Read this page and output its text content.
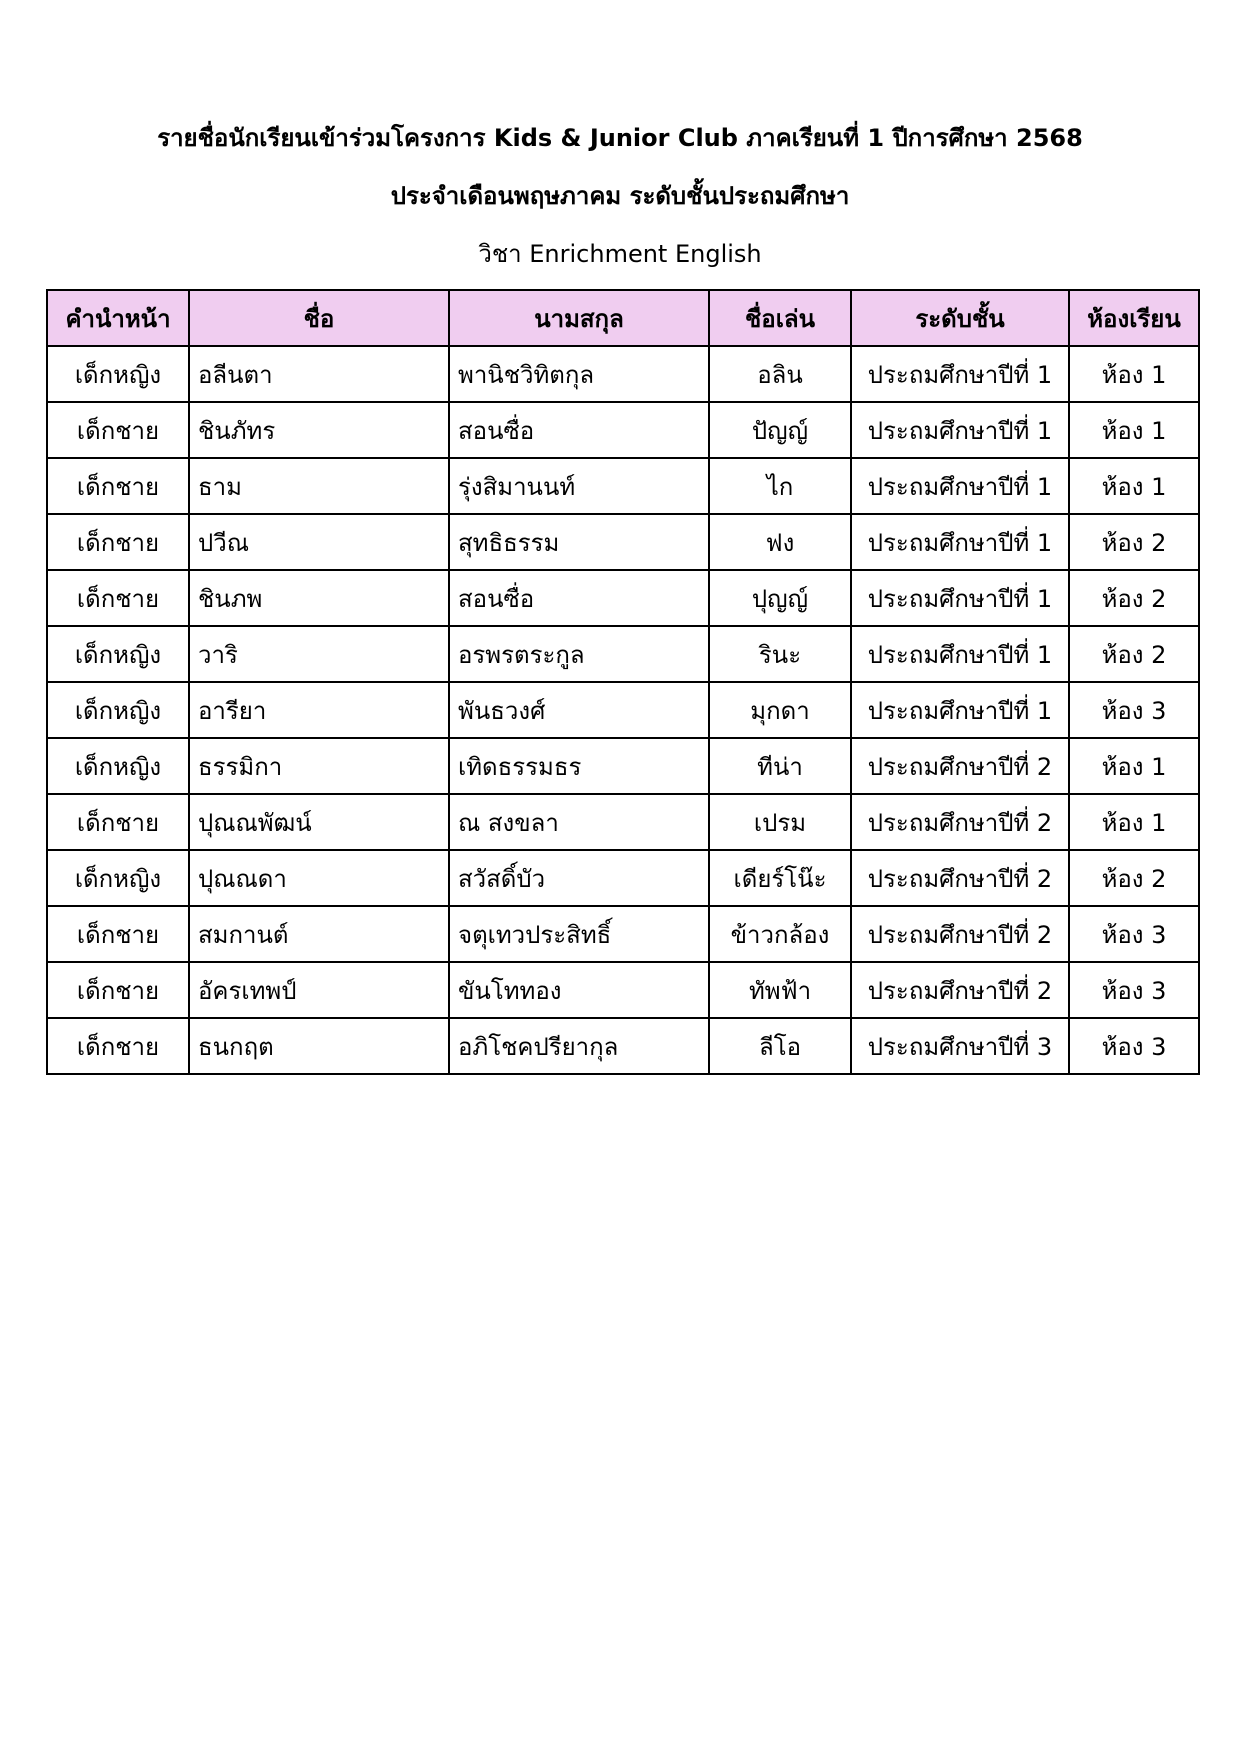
รายชื่อนักเรียนเข้าร่วมโครงการ Kids & Junior Club ภาคเรียนที่ 1 ปีการศึกษา 2568
ประจำเดือนพฤษภาคม ระดับชั้นประถมศึกษา
วิชา Enrichment English
คำนำหน้า	ชื่อ	นามสกุล	ชื่อเล่น	ระดับชั้น	ห้องเรียน
เด็กหญิง	อลีนตา	พานิชวิทิตกุล	อลิน	ประถมศึกษาปีที่ 1	ห้อง 1
เด็กชาย	ชินภัทร	สอนซื่อ	ปัญญ์	ประถมศึกษาปีที่ 1	ห้อง 1
เด็กชาย	ธาม	รุ่งสิมานนท์	ไก	ประถมศึกษาปีที่ 1	ห้อง 1
เด็กชาย	ปวีณ	สุทธิธรรม	ฟง	ประถมศึกษาปีที่ 1	ห้อง 2
เด็กชาย	ชินภพ	สอนซื่อ	ปุญญ์	ประถมศึกษาปีที่ 1	ห้อง 2
เด็กหญิง	วาริ	อรพรตระกูล	รินะ	ประถมศึกษาปีที่ 1	ห้อง 2
เด็กหญิง	อารียา	พันธวงศ์	มุกดา	ประถมศึกษาปีที่ 1	ห้อง 3
เด็กหญิง	ธรรมิกา	เทิดธรรมธร	ทีน่า	ประถมศึกษาปีที่ 2	ห้อง 1
เด็กชาย	ปุณณพัฒน์	ณ สงขลา	เปรม	ประถมศึกษาปีที่ 2	ห้อง 1
เด็กหญิง	ปุณณดา	สวัสดิ์บัว	เดียร์โน๊ะ	ประถมศึกษาปีที่ 2	ห้อง 2
เด็กชาย	สมกานต์	จตุเทวประสิทธิ์	ข้าวกล้อง	ประถมศึกษาปีที่ 2	ห้อง 3
เด็กชาย	อัครเทพป์	ขันโททอง	ทัพฟ้า	ประถมศึกษาปีที่ 2	ห้อง 3
เด็กชาย	ธนกฤต	อภิโชคปรียากุล	ลีโอ	ประถมศึกษาปีที่ 3	ห้อง 3
